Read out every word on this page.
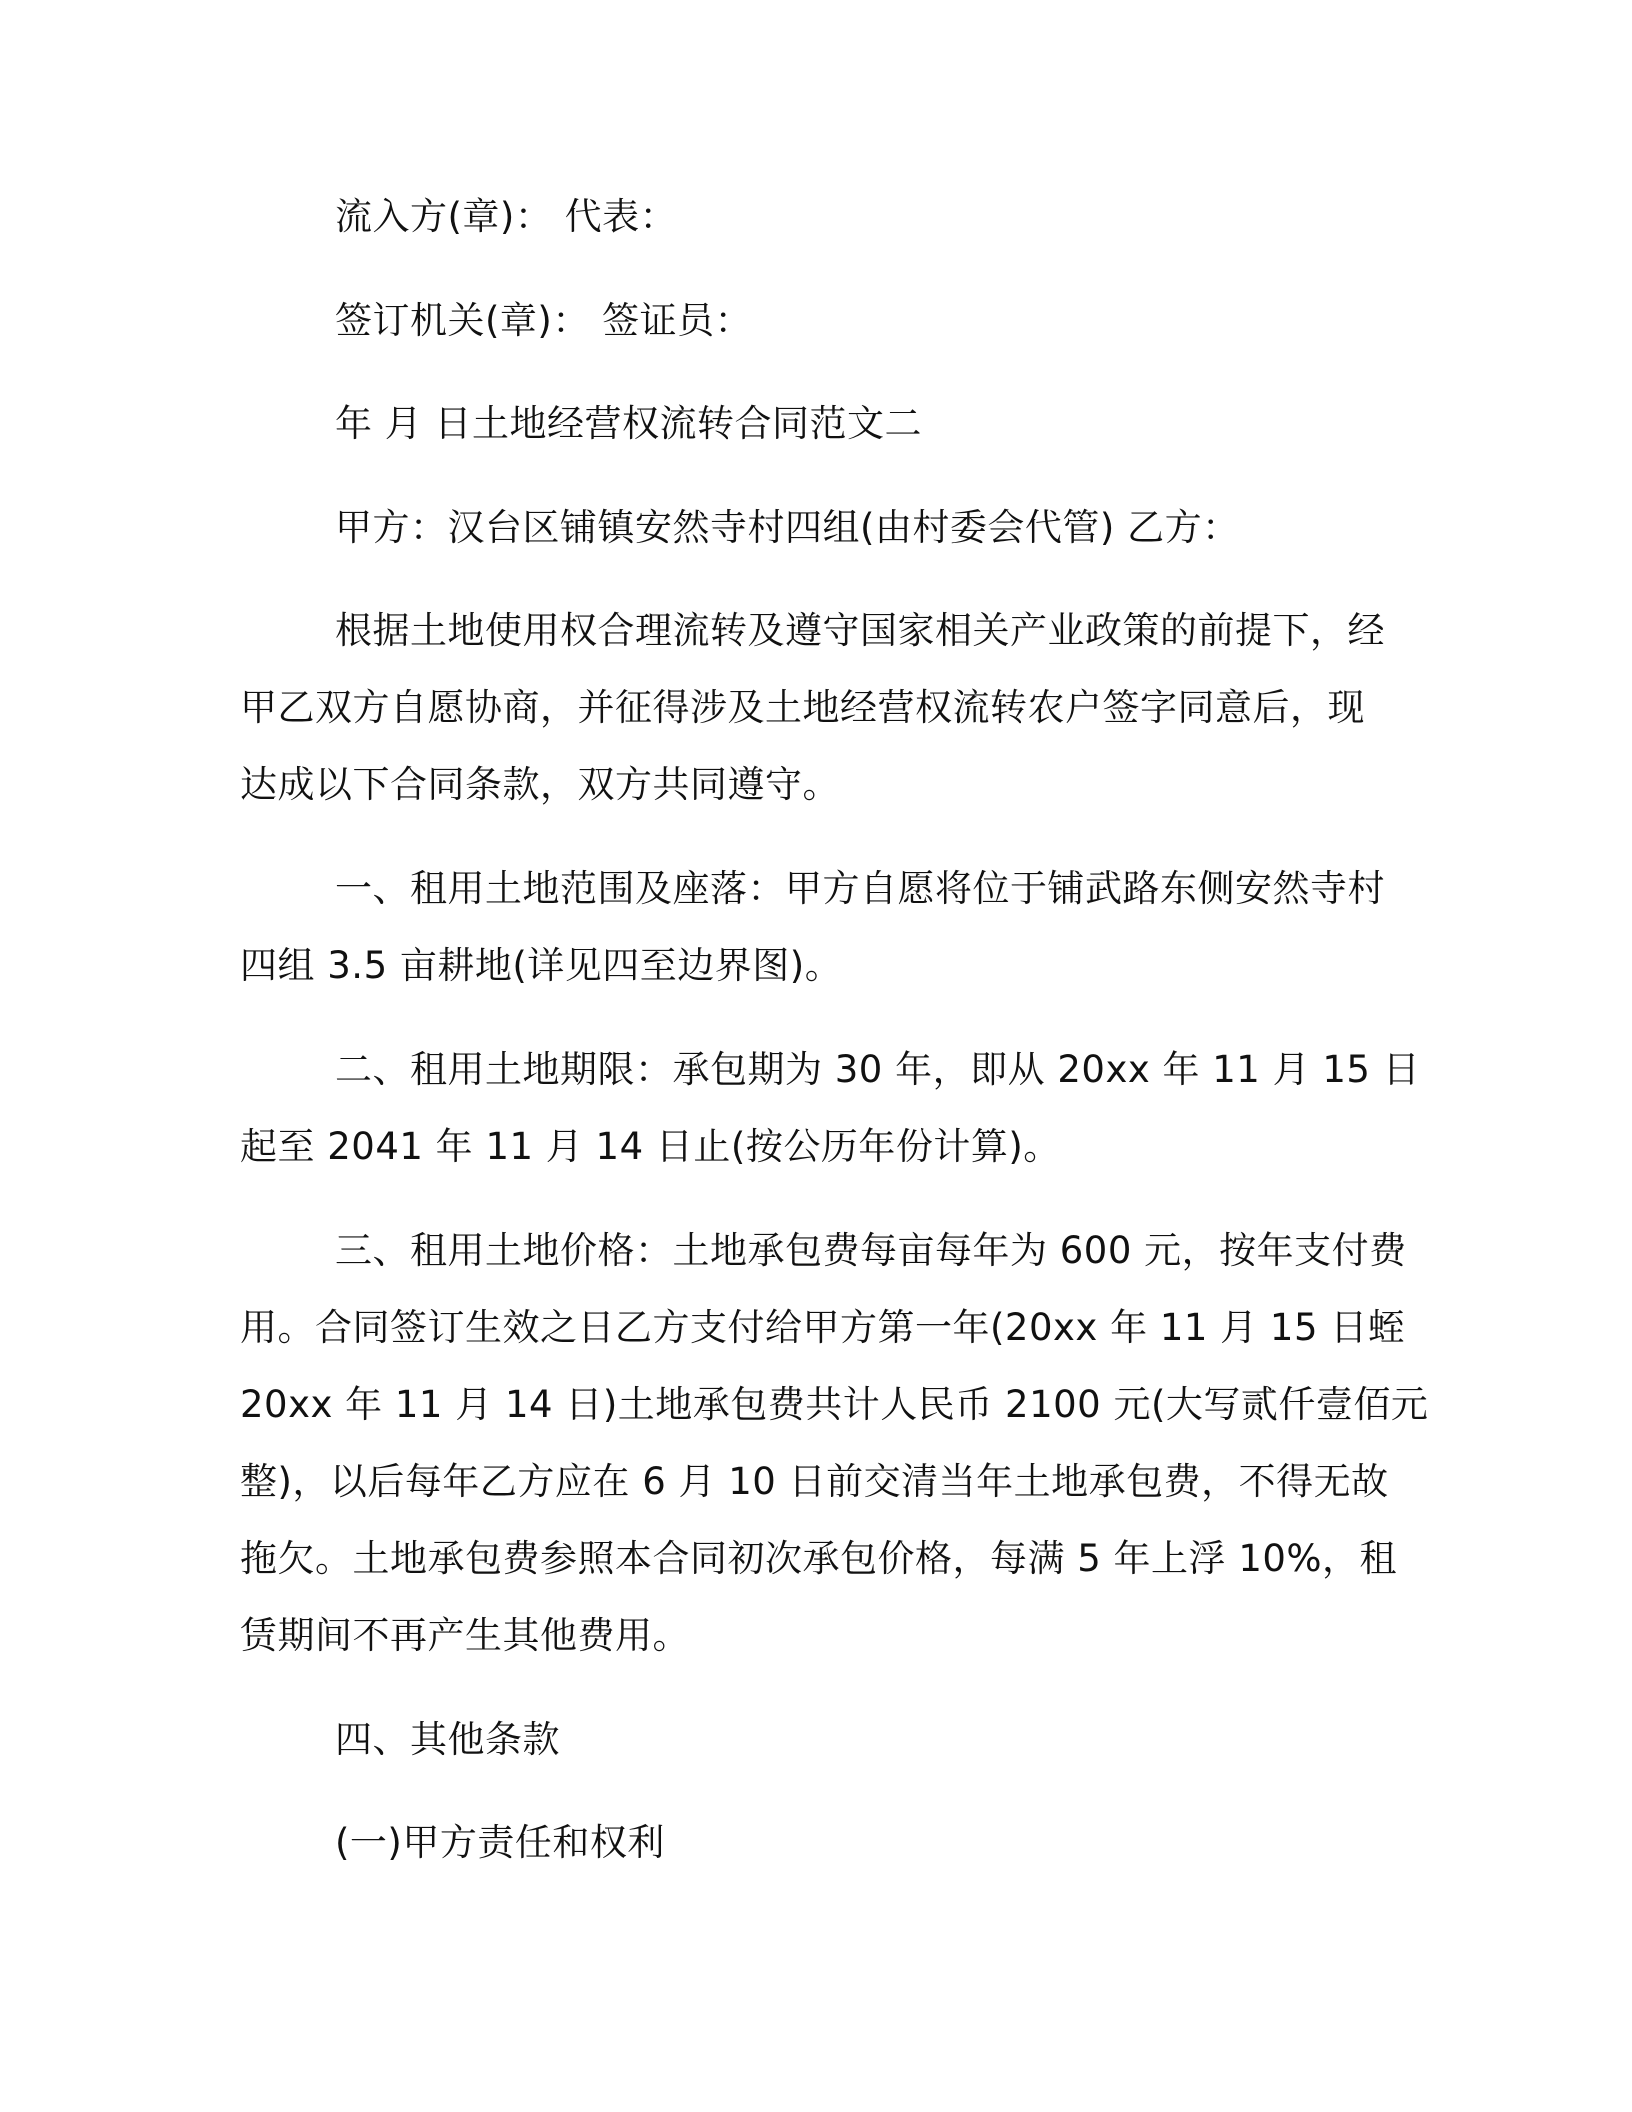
流入方(章)： 代表：
签订机关(章)： 签证员：
年 月 日土地经营权流转合同范文二
甲方：汉台区铺镇安然寺村四组(由村委会代管) 乙方：
根据土地使用权合理流转及遵守国家相关产业政策的前提下，经
甲乙双方自愿协商，并征得涉及土地经营权流转农户签字同意后，现
达成以下合同条款，双方共同遵守。
一、租用土地范围及座落：甲方自愿将位于铺武路东侧安然寺村
四组 3.5 亩耕地(详见四至边界图)。
二、租用土地期限：承包期为 30 年，即从 20xx 年 11 月 15 日
起至 2041 年 11 月 14 日止(按公历年份计算)。
三、租用土地价格：土地承包费每亩每年为 600 元，按年支付费
用。合同签订生效之日乙方支付给甲方第一年(20xx 年 11 月 15 日蛭
20xx 年 11 月 14 日)土地承包费共计人民币 2100 元(大写贰仟壹佰元
整)，以后每年乙方应在 6 月 10 日前交清当年土地承包费，不得无故
拖欠。土地承包费参照本合同初次承包价格，每满 5 年上浮 10%，租
赁期间不再产生其他费用。
四、其他条款
(一)甲方责任和权利
